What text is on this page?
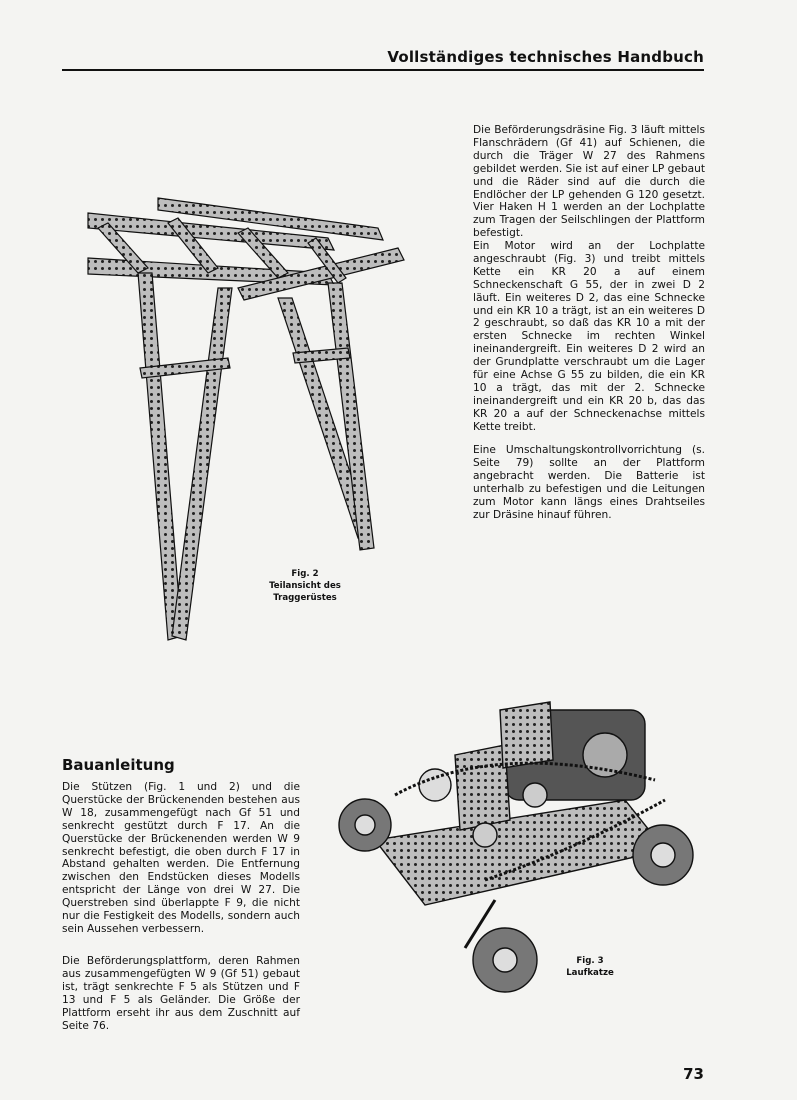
Vollständiges technisches Handbuch
Fig. 2
Teilansicht des Traggerüstes

Die Beförderungsdräsine Fig. 3 läuft mittels Flanschrädern (Gf 41) auf Schienen, die durch die Träger W 27 des Rahmens gebildet werden. Sie ist auf einer LP gebaut und die Räder sind auf die durch die Endlöcher der LP gehenden G 120 gesetzt. Vier Haken H 1 werden an der Lochplatte zum Tragen der Seilschlingen der Plattform befestigt.

Ein Motor wird an der Lochplatte angeschraubt (Fig. 3) und treibt mittels Kette ein KR 20 a auf einem Schneckenschaft G 55, der in zwei D 2 läuft. Ein weiteres D 2, das eine Schnecke und ein KR 10 a trägt, ist an ein weiteres D 2 geschraubt, so daß das KR 10 a mit der ersten Schnecke im rechten Winkel ineinandergreift. Ein weiteres D 2 wird an der Grundplatte verschraubt um die Lager für eine Achse G 55 zu bilden, die ein KR 10 a trägt, das mit der 2. Schnecke ineinandergreift und ein KR 20 b, das das KR 20 a auf der Schneckenachse mittels Kette treibt.

Eine Umschaltungskontrollvorrichtung (s. Seite 79) sollte an der Plattform angebracht werden. Die Batterie ist unterhalb zu befestigen und die Leitungen zum Motor kann längs eines Drahtseiles zur Dräsine hinauf führen.

Fig. 3
Laufkatze
Bauanleitung

Die Stützen (Fig. 1 und 2) und die Querstücke der Brückenenden bestehen aus W 18, zusammengefügt nach Gf 51 und senkrecht gestützt durch F 17. An die Querstücke der Brückenenden werden W 9 senkrecht befestigt, die oben durch F 17 in Abstand gehalten werden. Die Entfernung zwischen den Endstücken dieses Modells entspricht der Länge von drei W 27. Die Querstreben sind überlappte F 9, die nicht nur die Festigkeit des Modells, sondern auch sein Aussehen verbessern.

Die Beförderungsplattform, deren Rahmen aus zusammengefügten W 9 (Gf 51) gebaut ist, trägt senkrechte F 5 als Stützen und F 13 und F 5 als Geländer. Die Größe der Plattform erseht ihr aus dem Zuschnitt auf Seite 76.

73
